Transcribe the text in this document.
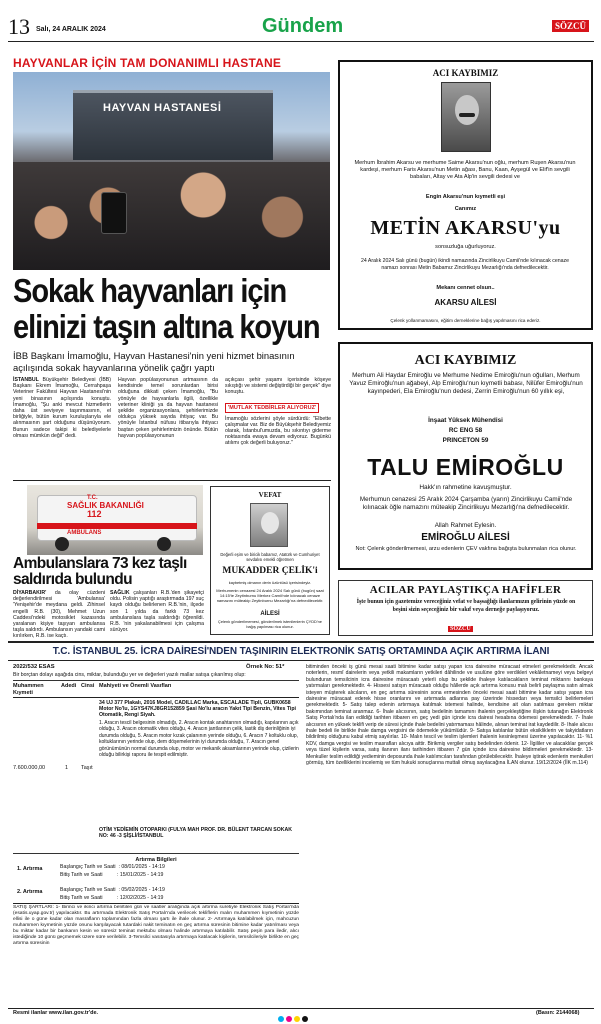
13 Salı, 24 ARALIK 2024	Gündem	SÖZCÜ
HAYVANLAR İÇİN TAM DONANIMLI HASTANE
HAYVAN HASTANESİ
Sokak hayvanları için
elinizi taşın altına koyun
İBB Başkanı İmamoğlu, Hayvan Hastanesi'nin yeni hizmet binasının açılışında sokak hayvanlarına yönelik çağrı yaptı

İSTANBUL Büyükşehir Belediyesi (İBB) Başkanı Ekrem İmamoğlu, Cerrahpaşa Veteriner Fakültesi Hayvan Hastanesi'nin yeni binasının açılışında konuştu. İmamoğlu, "Şu anki mevcut hizmetlerin daha üst seviyeye taşınmasının, el birliğiyle, bütün kurum kuruluşlarıyla ele alınmasının şart olduğunu düşünüyorum. Bunun sadece takipi ki belediyelerle olması mümkün değil" dedi.

Hayvan popülasyonunun artmasının da kendisinde temel sorunlardan birisi olduğuna dikkati çeken İmamoğlu, "Bu yönüyle de hayvanlarla ilgili, özellikle veteriner kliniği ya da hayvan hastanesi şekilde organizasyonlara, şehirlerimizde oldukça yüksek sayıda ihtiyaç var. Bu yönüyle İstanbul nüfusu itibarıyla ihtiyacı baştan çeken şehirlerimizin önünde. Bütün hayvan popülasyonunun

açıkçası şehir yaşamı içerisinde köşeye sıkıştığı ve sistemi değiştirdiği bir gerçek" diye konuştu.

'MUTLAK TEDBİRLER ALIYORUZ'

İmamoğlu sözlerini şöyle sürdürdü: "Elbette çalışmalar var. Biz de Büyükşehir Belediyemiz olarak, İstanbul'umuzda, bu sıkıntıyı giderme noktasında ewaya devam ediyoruz. Bugünkü atılımı çok değerli buluyoruz."

T.C.
SAĞLIK BAKANLIĞI
112
AMBULANS
Ambulanslara 73 kez taşlı saldırıda bulundu

DİYARBAKIR' da olay cüzdeni değerlendirilmesi 'Ambulansa' 'Yenişehir'de meydana geldi. Zihinsel engelli R.B. (30), Mehmet Uzun Caddesi'ndeki motosiklet kazasında yaralanan kişiye taşıyan ambulansa taşla saldırdı. Ambulansın yandaki cami kırılırken, R.B. ise kaçtı.

SAĞLIK çalışanları R.B.'den şikayetçi oldu. Polisin yaptığı araştırmada 197 suç kaydı olduğu belirlenen R.B.'nin, ilçede son 1 yılda da farklı 73 kez ambulanslara taşla saldırdığı öğrenildi. R.B. 'nin yakalanabilmesi için çalışma sürüyor.

ACI KAYBIMIZ
Merhum İbrahim Akarsu ve merhume Saime Akarsu'nun oğlu, merhum Ruşen Akarsu'nun kardeşi, merhum Faris Akarsu'nun Metin ağası, Banu, Kaan, Ayşegül ve Elif'in sevgili babaları, Altay ve Ata Alp'in sevgili dedesi ve
Engin Akarsu'nun kıymetli eşi
Canımız
METİN AKARSU'yu
sonsuzluğa uğurluyoruz.
24 Aralık 2024 Salı günü (bugün) ikindi namazında Zincirlikuyu Camii'nde kılınacak cenaze namazı sonrası Metin Babamız Zincirlikuyu Mezarlığı'nda defnedilecektir.
Mekanı cennet olsun..
AKARSU AİLESİ
Çelenk yollanmamasını, eğitim derneklerine bağış yapılmasını rica ederiz.
ACI KAYBIMIZ
Merhum Ali Haydar Emiroğlu ve Merhume Nedime Emiroğlu'nun oğulları, Merhum Yavuz Emiroğlu'nun ağabeyi, Alp Emiroğlu'nun kıymetli babası, Nilüfer Emiroğlu'nun kayınpederi, Ela Emiroğlu'nun dedesi, Zerrin Emiroğlu'nun 60 yıllık eşi,
İnşaat Yüksek Mühendisi
RC ENG 58
PRINCETON 59
TALU EMİROĞLU
Hakk'ın rahmetine kavuşmuştur.
Merhumun cenazesi 25 Aralık 2024 Çarşamba (yarın) Zincirlikuyu Camii'nde kılınacak öğle namazını müteakip Zincirlikuyu Mezarlığı'na defnedilecektir.
Allah Rahmet Eylesin.
EMİROĞLU AİLESİ
Not: Çelenk gönderilmemesi, arzu edenlerin ÇEV vakfına bağışta bulunmaları rica olunur.
VEFAT
Değerli eşim ve biricik babamız, Atatürk ve Cumhuriyet sevdalısı emekli öğretmen
MUKADDER ÇELİK'i
kaybetmiş olmanın derin üzüntüsü içerisindeyiz.
Merhumenin cenazesi 24 Aralık 2024 Salı günü (bugün) saat 14:15'te Zeytinburnu Merkez Camii'nde kılınacak cenaze namazını müteakip Zeytinburnu Mezarlığı'na defnedilecektir.
AİLESİ
Çelenk gönderilmemesi, gönderilmek istenilenlerin ÇYDD'ne bağış yapılması rica olunur.
ACILAR PAYLAŞTIKÇA HAFİFLER
İşte bunun için gazetemize vereceğiniz vefat ve başsağlığı ilanlarınızın gelirinin yüzde on beşini sizin seçeceğiniz bir vakıf veya derneğe paylaşıyoruz.
SÖZCÜ
T.C. İSTANBUL 25. İCRA DAİRESİ'NDEN TAŞINIRIN ELEKTRONİK SATIŞ ORTAMINDA AÇIK ARTIRMA İLANI
2022/532 ESAS	Örnek No: 51*
Bir borçtan dolayı aşağıda cins, miktar, bulunduğu yer ve değerleri yazılı mallar satışa çıkarılmış olup:
Muhammen Kıymeti
Adedi Cinsi Mahiyeti ve Önemli Vasıfları
7.600.000,00	1 Taşıt
34 UJ 377 Plakalı, 2016 Model, CADILLAC Marka, ESCALADE Tipli, GUBK0658 Motor No'lu, 1GYS47KJ8GR152859 Şasi No'lu aracın Yakıt Tipi Benzin, Vites Tipi Otomatik, Rengi Siyah.
1. Aracın tescil belgesinin olmadığı, 2. Aracın kontak anahtarının olmadığı, kapılarının açık olduğu, 3. Aracın otomatik vites olduğu, 4. Aracın jantlarının çelik, lastik diş derinliğinin iyi durumda olduğu, 5. Aracın motor kızak çalanının yerinde olduğu, 6. Aracın 7 koltuklu olup, koltuklarının yerinde olup, dem döşemelerinin iyi durumda olduğu, 7. Aracın genel görünümünün normal durumda olup, motor ve mekanik aksamlarının yerinde olup, çizilerin olduğu bilirkişi raporu ile tespit edilmiştir.
OTİM YEDİEMİN OTOPARKI (FULYA MAH PROF. DR. BÜLENT TARCAN SOKAK NO: 46 -3 ŞİŞLİ/İSTANBUL
Artırma Bilgileri
1. Artırma	Başlangıç Tarih ve Saati  : 08/01/2025 - 14:19
Bitiş Tarih ve Saati          : 15/01/2025 - 14:19
2. Artırma	Başlangıç Tarih ve Saati  : 05/02/2025 - 14:19
Bitiş Tarih ve Saati          : 12/02/2025 - 14:19
SATIŞ ŞARTLARI: 1- Birinci ve ikinci artırma belirtilen gün ve saatler aralığında açık artırma suretiyle Elektronik Satış Portalı'nda (esatis.uyap.gov.tr) yapılacaktır. Bu artırmada Elektronik Satış Portalı'nda verilecek tekliflerin malın muhammen kıymetinin yüzde ellisi ile o güne kadar olan masrafların toplamından fazla olması şartı ile ihale olunur. 2- Artırmaya katılabilmek için, mahcuzun muhammen kıymetinin yüzde onunu karşılayacak tutardaki nakit teminatın en geç artırma süresinin bitimine kadar yatırılması veya bu miktar kadar bir bankanın kesin ve süresiz teminat mektubu olması halinde artırmaya katılabilir. Satış peşin para iledir, alıcı istediğinde 10 günü geçmemek üzere süre verilebilir. 3-Temsilci vasıtasıyla artırmaya katılacak kişilerin, temsilcileriyle birlikte en geç artırma süresinin
bitiminden önceki iş günü mesai saati bitimine kadar satışı yapan icra dairesine müracaat etmeleri gerekmektedir. Ancak noterlerin, resmî dairelerin veya yetkili makamların yetkileri dâhilinde ve usulüne göre verdikleri vekâletnameyi veya belgeyi bulunduran temsilcinin icra dairesine müracaatı yeterli olup bu şekilde ihaleye katılacakların teminat miktarını bankaya yatırmaları gerekmektedir. 4- Hissesi satışın müracaatı olduğu hâllerde açık artırma konusu malı belirli paylaşma satın almak isteyen müşterek alıcıların, en geç artırma süresinin sona ermesinden önceki mesai saati bitimine kadar satışı yapan icra dairesine müracaat ederek hisse oranlarını ve artırmada adlarına pay üzerinde hissedarı veya temsilci belirlemeleri gerekmektedir. 5- Satış talep edenin artırmaya katılmak istemesi halinde, kendisine ait olan satılması gereken miktar bakımından teminat aranmaz. 6- İhale alıcısının, satış bedelinin tamamını ihalenin gerçekleştiğine ilişkin tutanağın Elektronik Satış Portalı'nda ilan edildiği tarihten itibaren en geç yedi gün içinde icra dairesi hesabına ödemesi gerekmektedir. 7- İhale alıcısının en yüksek teklifi verip de süresi içinde ihale bedelini yatırmaması hâlinde, alınan teminat irat kaydedilir. 8- Ihale alıcısı ihale bedeli ile birlikte ihale damga vergisini de ödemekle yükümlüdür. 9- Satışa katılanlar bütün eksikliklerin ve takyidatların bildirilmiş olduğunu kabul etmiş sayılırlar. 10- Malın tescil ve teslim işlemleri ihalenin kesinleşmesi üzerine yapılacaktır. 11- %1 KDV, damga vergisi ve teslim masrafları alıcıya aittir. Birikmiş vergiler satış bedelinden ödenir. 12- İlgililer ve alacaklılar gerçek veya tüzel kişilerin varsa, satış ilanının ilanı tarihinden itibaren 7 gün içinde icra dairesine bildirmeleri gerekmektedir. 13- Menkuller teslim edildiği yedieminin deposunda ihale katılımcıları tarafından görülebilecektir. İhaleye iştirak edenlerin menkulleri görmüş, tüm özelliklerini incelemiş ve tüm hukuki sonuçlarına muttali olmuş sayılacağına İLAN olunur. 19/12/2024 (İİK m.114)
Resmi ilanlar www.ilan.gov.tr'de.	(Basın: 2144068)
